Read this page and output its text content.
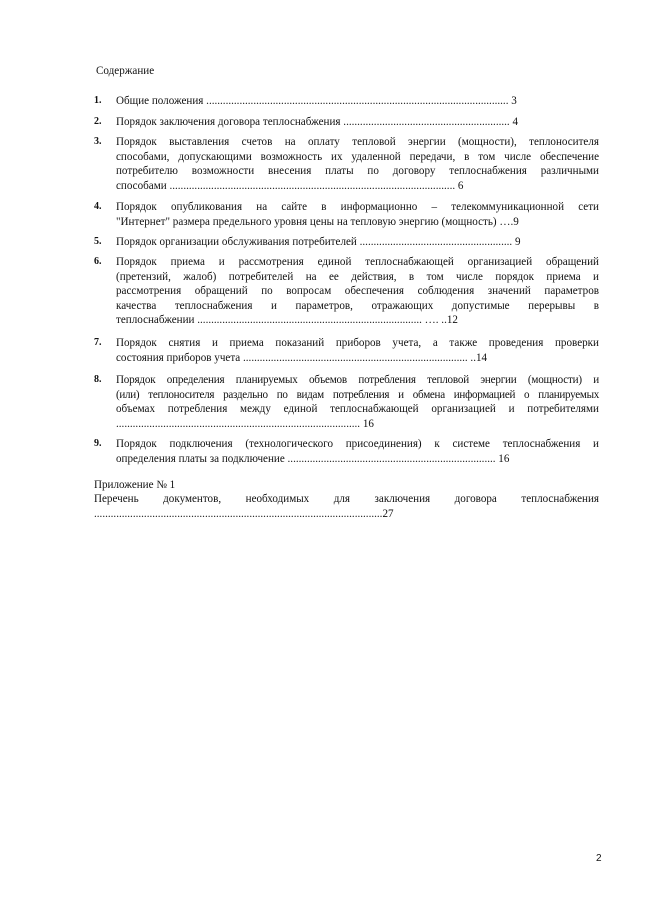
Содержание
1.	Общие положения ............................................................................................................. 3
2.	Порядок заключения договора теплоснабжения ............................................................ 4
3.	Порядок выставления счетов на оплату тепловой энергии (мощности), теплоносителя
способами, допускающими возможность их удаленной передачи, в том числе обеспечение
потребителю возможности внесения платы по договору теплоснабжения различными
способами ....................................................................................................... 6
4.	Порядок опубликования на сайте в информационно – телекоммуникационной сети
"Интернет" размера предельного уровня цены на тепловую энергию (мощность) ….9
5.	Порядок организации обслуживания потребителей ....................................................... 9
6.	Порядок приема и рассмотрения единой теплоснабжающей организацией обращений
(претензий, жалоб) потребителей на ее действия, в том числе порядок приема и
рассмотрения обращений по вопросам обеспечения соблюдения значений параметров
качества теплоснабжения и параметров, отражающих допустимые перерывы в
теплоснабжении ................................................................................. …. ..12
7.	Порядок снятия и приема показаний приборов учета, а также проведения проверки
состояния приборов учета ................................................................................. ..14
8.	Порядок определения планируемых объемов потребления тепловой энергии (мощности) и
(или) теплоносителя раздельно по видам потребления и обмена информацией о планируемых
объемах потребления между единой теплоснабжающей организацией и потребителями
........................................................................................ 16
9.	Порядок подключения (технологического присоединения) к системе теплоснабжения и
определения платы за подключение ........................................................................... 16
Приложение № 1
Перечень документов, необходимых для заключения договора теплоснабжения
........................................................................................................27
2
